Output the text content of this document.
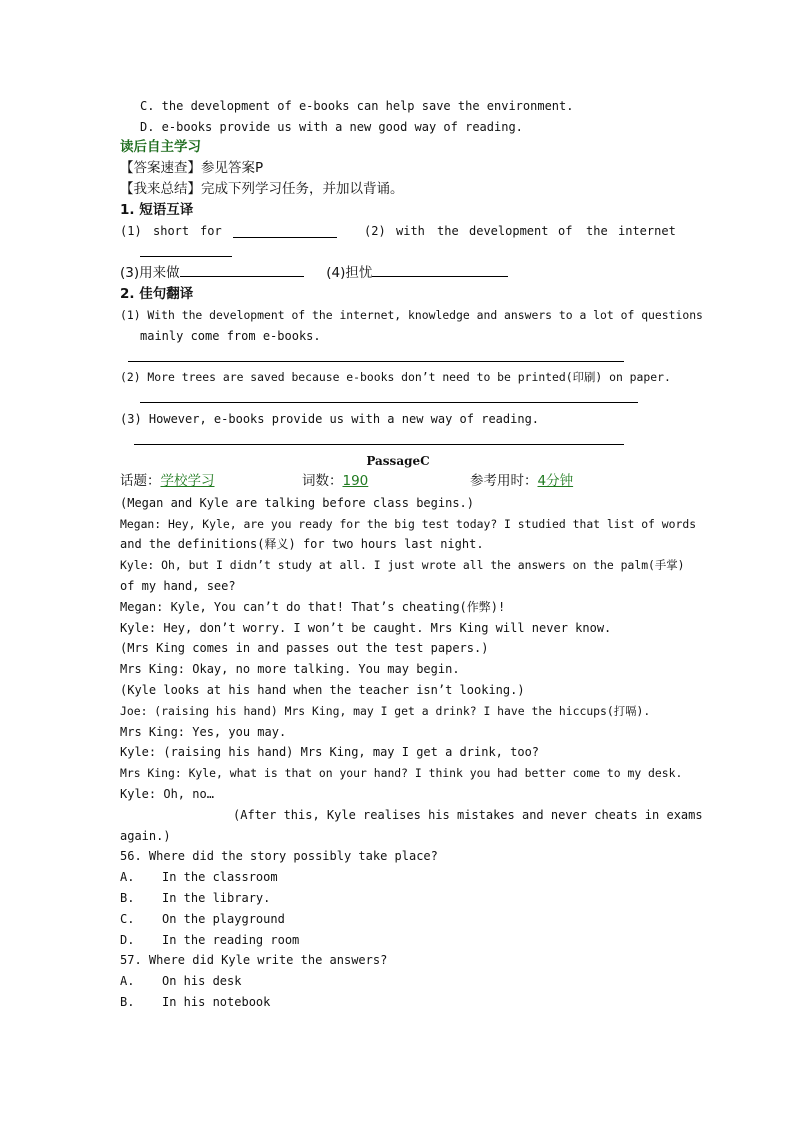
C. the development of e-books can help save the environment.
D. e-books provide us with a new good way of reading.
读后自主学习
【答案速查】参见答案P
【我来总结】完成下列学习任务，并加以背诵。
1. 短语互译
(1) short for	(2) with the development of the internet
(3)用来做	(4)担忧
2. 佳句翻译
(1) With the development of the internet, knowledge and answers to a lot of questions
mainly come from e-books.
(2) More trees are saved because e-books don’t need to be printed(印刷) on paper.
(3) However, e-books provide us with a new way of reading.
PassageC
话题：学校学习	词数：190	参考用时：4分钟
(Megan and Kyle are talking before class begins.)
Megan: Hey, Kyle, are you ready for the big test today? I studied that list of words
and the definitions(释义) for two hours last night.
Kyle: Oh, but I didn’t study at all. I just wrote all the answers on the palm(手掌)
of my hand, see?
Megan: Kyle, You can’t do that! That’s cheating(作弊)!
Kyle: Hey, don’t worry. I won’t be caught. Mrs King will never know.
(Mrs King comes in and passes out the test papers.)
Mrs King: Okay, no more talking. You may begin.
(Kyle looks at his hand when the teacher isn’t looking.)
Joe: (raising his hand) Mrs King, may I get a drink? I have the hiccups(打嗝).
Mrs King: Yes, you may.
Kyle: (raising his hand) Mrs King, may I get a drink, too?
Mrs King: Kyle, what is that on your hand? I think you had better come to my desk.
Kyle: Oh, no…
(After this, Kyle realises his mistakes and never cheats in exams
again.)
56. Where did the story possibly take place?
A. In the classroom
B. In the library.
C. On the playground
D. In the reading room
57. Where did Kyle write the answers?
A. On his desk
B. In his notebook
